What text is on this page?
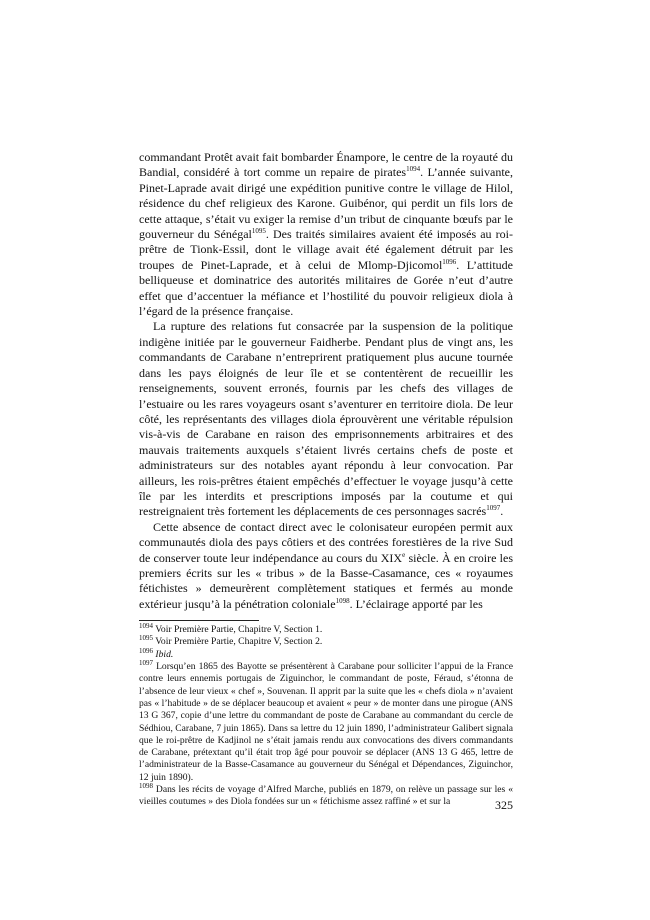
commandant Protêt avait fait bombarder Énampore, le centre de la royauté du Bandial, considéré à tort comme un repaire de pirates$^{1094}$. L’année suivante, Pinet-Laprade avait dirigé une expédition punitive contre le village de Hilol, résidence du chef religieux des Karone. Guibénor, qui perdit un fils lors de cette attaque, s’était vu exiger la remise d’un tribut de cinquante bœufs par le gouverneur du Sénégal$^{1095}$. Des traités similaires avaient été imposés au roi-prêtre de Tionk-Essil, dont le village avait été également détruit par les troupes de Pinet-Laprade, et à celui de Mlomp-Djicomol$^{1096}$. L’attitude belliqueuse et dominatrice des autorités militaires de Gorée n’eut d’autre effet que d’accentuer la méfiance et l’hostilité du pouvoir religieux diola à l’égard de la présence française.

La rupture des relations fut consacrée par la suspension de la politique indigène initiée par le gouverneur Faidherbe. Pendant plus de vingt ans, les commandants de Carabane n’entreprirent pratiquement plus aucune tournée dans les pays éloignés de leur île et se contentèrent de recueillir les renseignements, souvent erronés, fournis par les chefs des villages de l’estuaire ou les rares voyageurs osant s’aventurer en territoire diola. De leur côté, les représentants des villages diola éprouvèrent une véritable répulsion vis-à-vis de Carabane en raison des emprisonnements arbitraires et des mauvais traitements auxquels s’étaient livrés certains chefs de poste et administrateurs sur des notables ayant répondu à leur convocation. Par ailleurs, les rois-prêtres étaient empêchés d’effectuer le voyage jusqu’à cette île par les interdits et prescriptions imposés par la coutume et qui restreignaient très fortement les déplacements de ces personnages sacrés$^{1097}$.

Cette absence de contact direct avec le colonisateur européen permit aux communautés diola des pays côtiers et des contrées forestières de la rive Sud de conserver toute leur indépendance au cours du XIXe siècle. À en croire les premiers écrits sur les « tribus » de la Basse-Casamance, ces « royaumes fétichistes » demeurèrent complètement statiques et fermés au monde extérieur jusqu’à la pénétration coloniale$^{1098}$. L’éclairage apporté par les

$^{1094}$ Voir Première Partie, Chapitre V, Section 1.

$^{1095}$ Voir Première Partie, Chapitre V, Section 2.

$^{1096}$ Ibid.

$^{1097}$ Lorsqu’en 1865 des Bayotte se présentèrent à Carabane pour solliciter l’appui de la France contre leurs ennemis portugais de Ziguinchor, le commandant de poste, Féraud, s’étonna de l’absence de leur vieux « chef », Souvenan. Il apprit par la suite que les « chefs diola » n’avaient pas « l’habitude » de se déplacer beaucoup et avaient « peur » de monter dans une pirogue (ANS 13 G 367, copie d’une lettre du commandant de poste de Carabane au commandant du cercle de Sédhiou, Carabane, 7 juin 1865). Dans sa lettre du 12 juin 1890, l’administrateur Galibert signala que le roi-prêtre de Kadjinol ne s’était jamais rendu aux convocations des divers commandants de Carabane, prétextant qu’il était trop âgé pour pouvoir se déplacer (ANS 13 G 465, lettre de l’administrateur de la Basse-Casamance au gouverneur du Sénégal et Dépendances, Ziguinchor, 12 juin 1890).

$^{1098}$ Dans les récits de voyage d’Alfred Marche, publiés en 1879, on relève un passage sur les « vieilles coutumes » des Diola fondées sur un « fétichisme assez raffiné » et sur la	325
